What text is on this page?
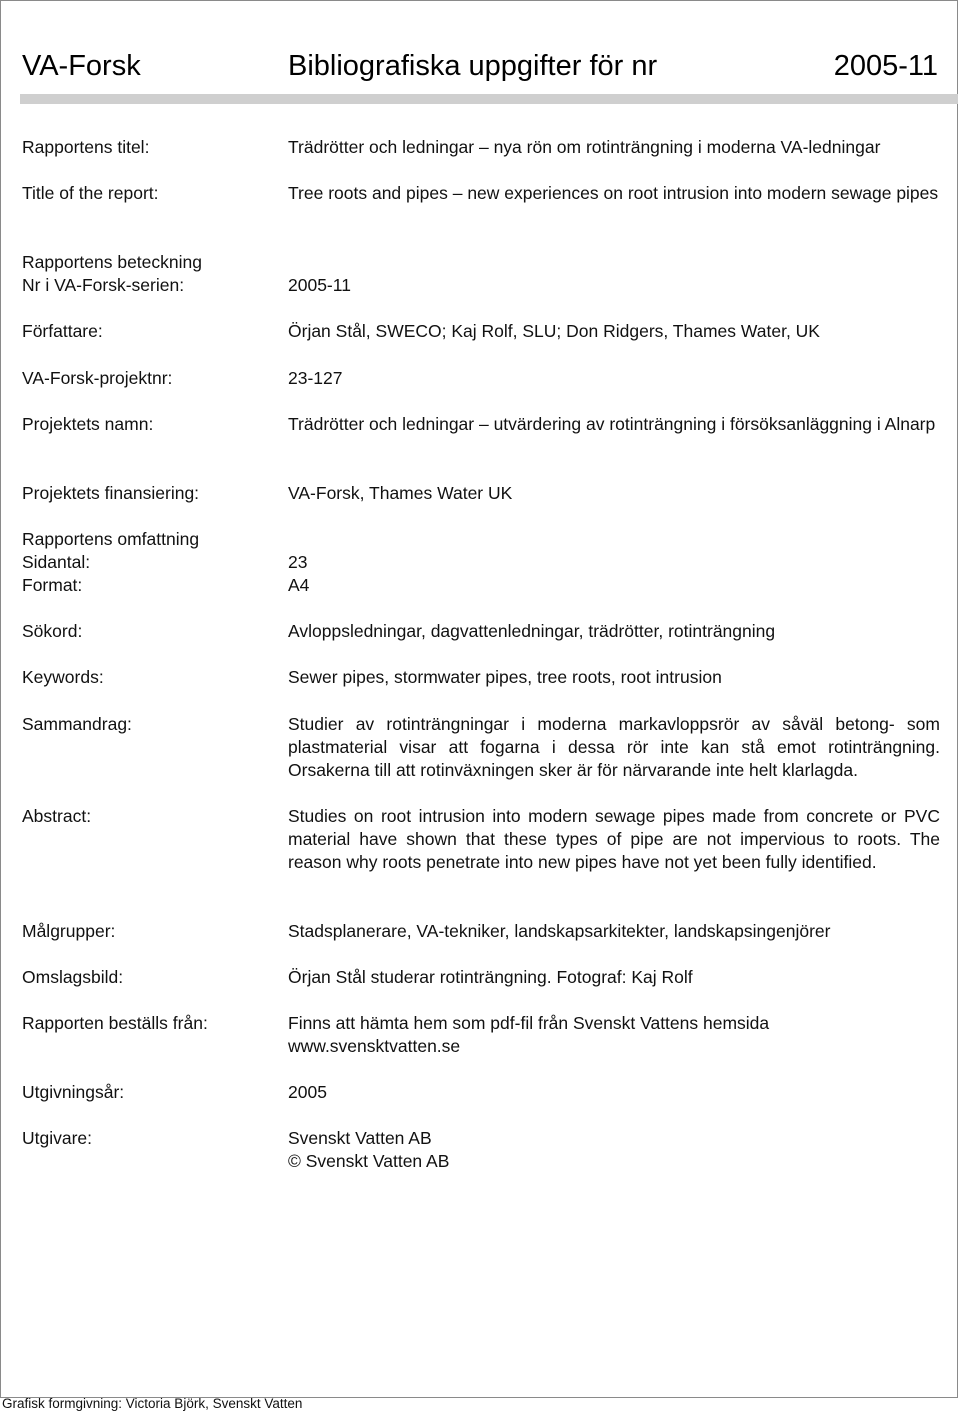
VA-Forsk	Bibliografiska uppgifter för nr	2005-11
Rapportens titel:	Trädrötter och ledningar – nya rön om rotinträngning i moderna VA-ledningar
Title of the report:	Tree roots and pipes – new experiences on root intrusion into modern sewage pipes
Rapportens beteckning
Nr i VA-Forsk-serien:	2005-11
Författare:	Örjan Stål, SWECO; Kaj Rolf, SLU; Don Ridgers, Thames Water, UK
VA-Forsk-projektnr:	23-127
Projektets namn:	Trädrötter och ledningar – utvärdering av rotinträngning i försöksanläggning i Alnarp
Projektets finansiering:	VA-Forsk, Thames Water UK
Rapportens omfattning
Sidantal:	23
Format:	A4
Sökord:	Avloppsledningar, dagvattenledningar, trädrötter, rotinträngning
Keywords:	Sewer pipes, stormwater pipes, tree roots, root intrusion
Sammandrag:	Studier av rotinträngningar i moderna markavloppsrör av såväl betong- som plastmaterial visar att fogarna i dessa rör inte kan stå emot rotinträngning. Orsakerna till att rotinväxningen sker är för närvarande inte helt klarlagda.
Abstract:	Studies on root intrusion into modern sewage pipes made from concrete or PVC material have shown that these types of pipe are not impervious to roots. The reason why roots penetrate into new pipes have not yet been fully identified.
Målgrupper:	Stadsplanerare, VA-tekniker, landskapsarkitekter, landskapsingenjörer
Omslagsbild:	Örjan Stål studerar rotinträngning. Fotograf: Kaj Rolf
Rapporten beställs från:	Finns att hämta hem som pdf-fil från Svenskt Vattens hemsida www.svensktvatten.se
Utgivningsår:	2005
Utgivare:	Svenskt Vatten AB
© Svenskt Vatten AB
Grafisk formgivning: Victoria Björk, Svenskt Vatten
